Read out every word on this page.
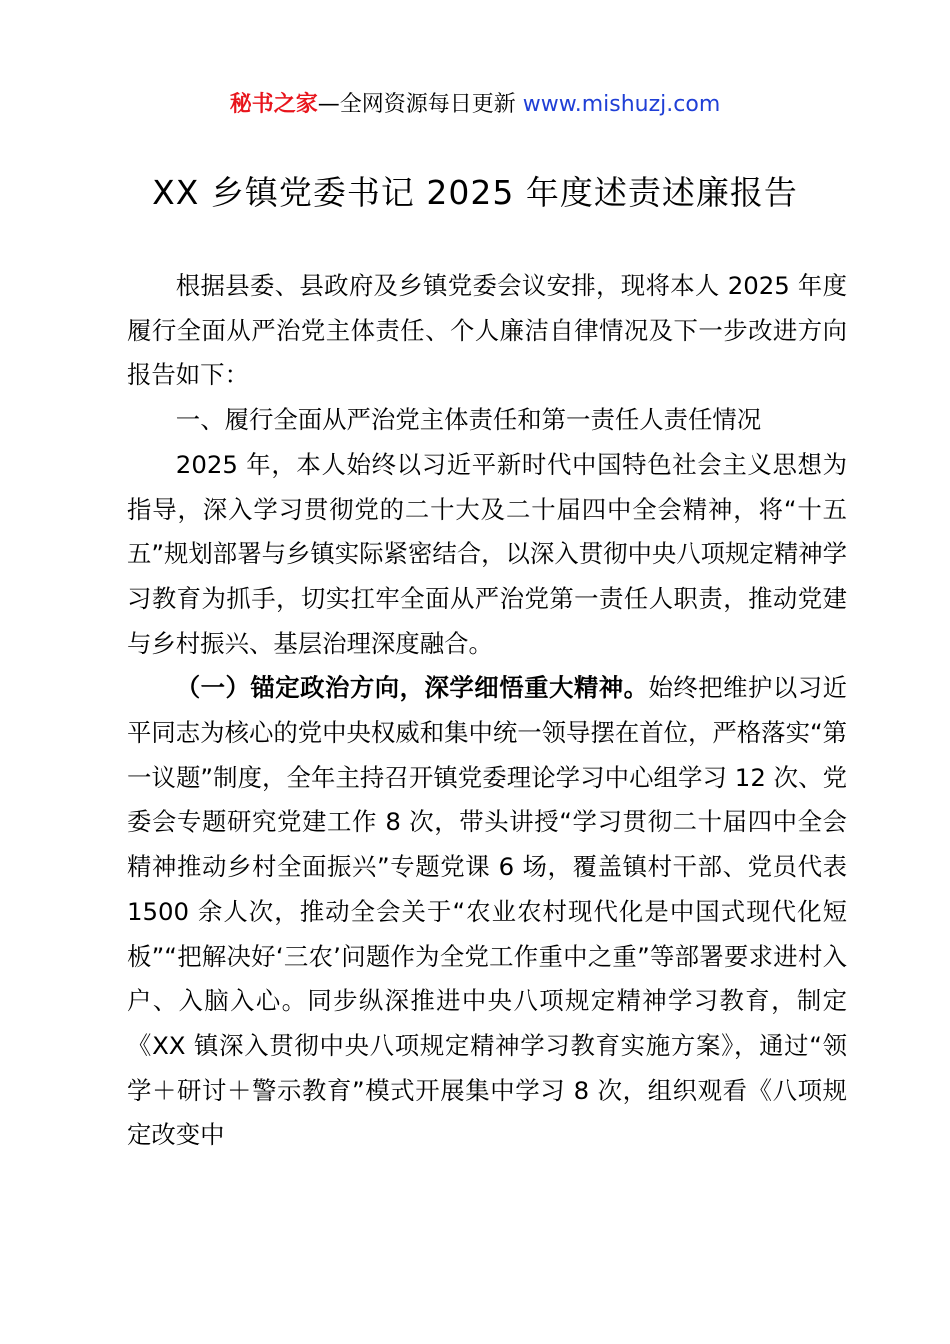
秘书之家—全网资源每日更新 www.mishuzj.com
XX 乡镇党委书记 2025 年度述责述廉报告

根据县委、县政府及乡镇党委会议安排，现将本人 2025 年度履行全面从严治党主体责任、个人廉洁自律情况及下一步改进方向报告如下：

一、履行全面从严治党主体责任和第一责任人责任情况

2025 年，本人始终以习近平新时代中国特色社会主义思想为指导，深入学习贯彻党的二十大及二十届四中全会精神，将“十五五”规划部署与乡镇实际紧密结合，以深入贯彻中央八项规定精神学习教育为抓手，切实扛牢全面从严治党第一责任人职责，推动党建与乡村振兴、基层治理深度融合。

（一）锚定政治方向，深学细悟重大精神。始终把维护以习近平同志为核心的党中央权威和集中统一领导摆在首位，严格落实“第一议题”制度，全年主持召开镇党委理论学习中心组学习 12 次、党委会专题研究党建工作 8 次，带头讲授“学习贯彻二十届四中全会精神推动乡村全面振兴”专题党课 6 场，覆盖镇村干部、党员代表 1500 余人次，推动全会关于“农业农村现代化是中国式现代化短板”“把解决好‘三农’问题作为全党工作重中之重”等部署要求进村入户、入脑入心。同步纵深推进中央八项规定精神学习教育，制定《XX 镇深入贯彻中央八项规定精神学习教育实施方案》，通过“领学＋研讨＋警示教育”模式开展集中学习 8 次，组织观看《八项规定改变中
